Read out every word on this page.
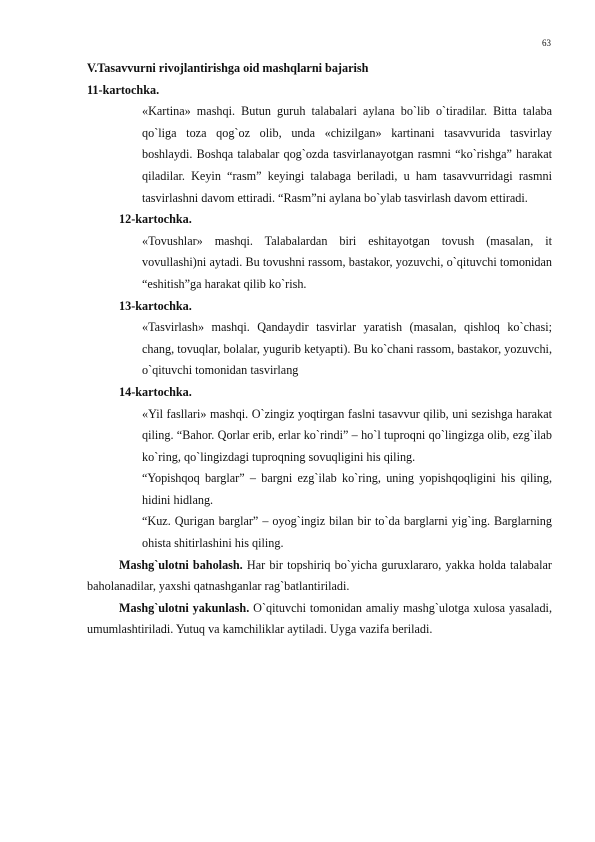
63

V.Tasavvurni rivojlantirishga oid mashqlarni bajarish

11-kartochka.

«Kartina» mashqi. Butun guruh talabalari aylana bo`lib o`tiradilar. Bitta talaba qo`liga toza qog`oz olib, unda «chizilgan» kartinani tasavvurida tasvirlay boshlaydi. Boshqa talabalar qog`ozda tasvirlanayotgan rasmni “ko`rishga” harakat qiladilar. Keyin “rasm” keyingi talabaga beriladi, u ham tasavvurridagi rasmni tasvirlashni davom ettiradi. “Rasm”ni aylana bo`ylab tasvirlash davom ettiradi.

12-kartochka.

«Tovushlar» mashqi. Talabalardan biri eshitayotgan tovush (masalan, it vovullashi)ni aytadi. Bu tovushni rassom, bastakor, yozuvchi, o`qituvchi tomonidan “eshitish”ga harakat qilib ko`rish.

13-kartochka.

«Tasvirlash» mashqi. Qandaydir tasvirlar yaratish (masalan, qishloq ko`chasi; chang, tovuqlar, bolalar, yugurib ketyapti). Bu ko`chani rassom, bastakor, yozuvchi, o`qituvchi tomonidan tasvirlang

14-kartochka.

«Yil fasllari» mashqi. O`zingiz yoqtirgan faslni tasavvur qilib, uni sezishga harakat qiling. “Bahor. Qorlar erib, erlar ko`rindi” – ho`l tuproqni qo`lingizga olib, ezg`ilab ko`ring, qo`lingizdagi tuproqning sovuqligini his qiling.

“Yopishqoq barglar” – bargni ezg`ilab ko`ring, uning yopishqoqligini his qiling, hidini hidlang.

“Kuz. Qurigan barglar” – oyog`ingiz bilan bir to`da barglarni yig`ing. Barglarning ohista shitirlashini his qiling.

Mashg`ulotni baholash. Har bir topshiriq bo`yicha guruxlararo, yakka holda talabalar baholanadilar, yaxshi qatnashganlar rag`batlantiriladi.

Mashg`ulotni yakunlash. O`qituvchi tomonidan amaliy mashg`ulotga xulosa yasaladi, umumlashtiriladi. Yutuq va kamchiliklar aytiladi. Uyga vazifa beriladi.
